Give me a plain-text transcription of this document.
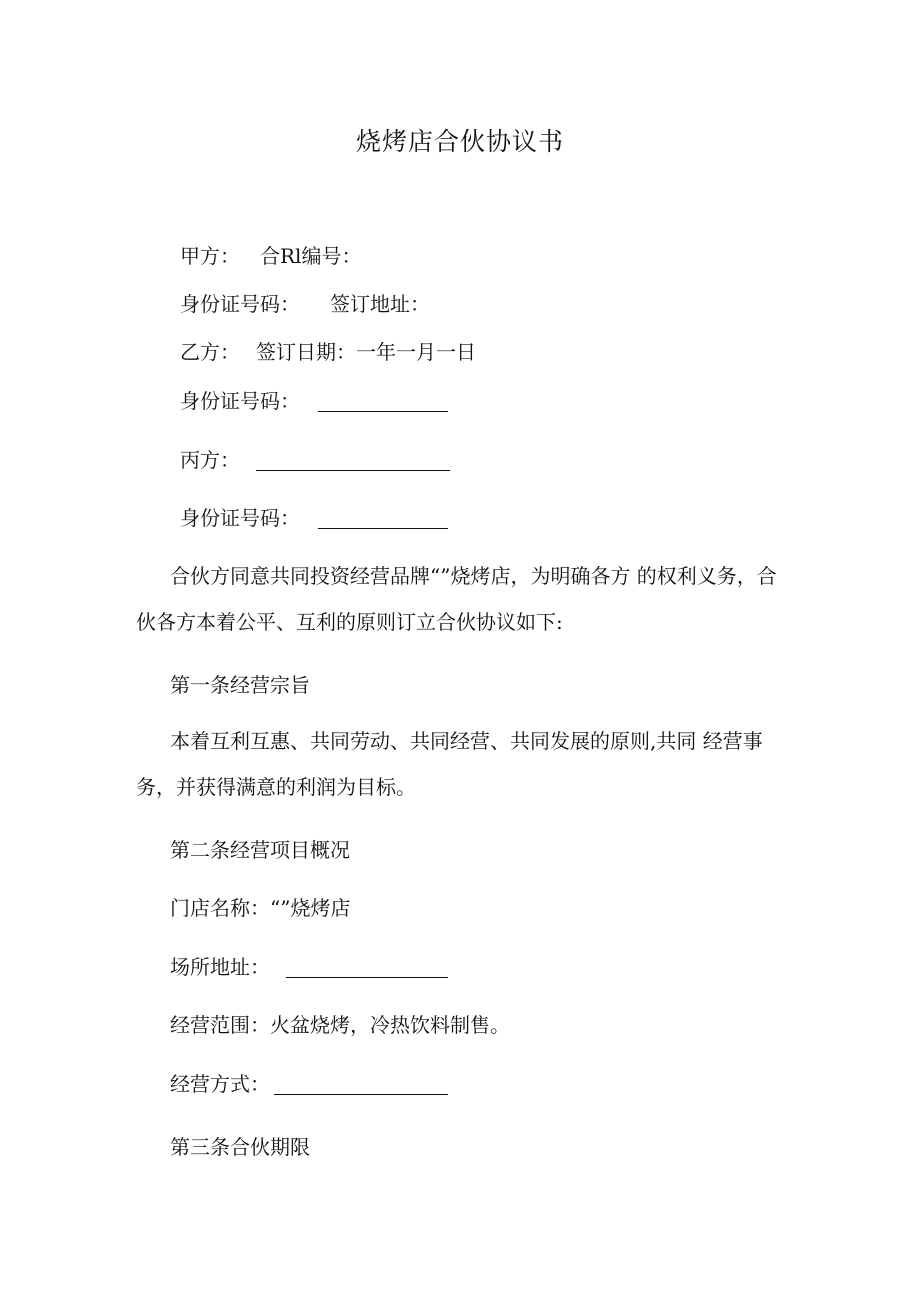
烧烤店合伙协议书
甲方： 合Rl编号：
身份证号码： 签订地址：
乙方： 签订日期：一年一月一日
身份证号码：
丙方：
身份证号码：
合伙方同意共同投资经营品牌“”烧烤店，为明确各方 的权利义务，合伙各方本着公平、互利的原则订立合伙协议如下:
第一条经营宗旨
本着互利互惠、共同劳动、共同经营、共同发展的原则,共同 经营事务，并获得满意的利润为目标。
第二条经营项目概况
门店名称：“”烧烤店
场所地址：
经营范围：火盆烧烤，冷热饮料制售。
经营方式：
第三条合伙期限
